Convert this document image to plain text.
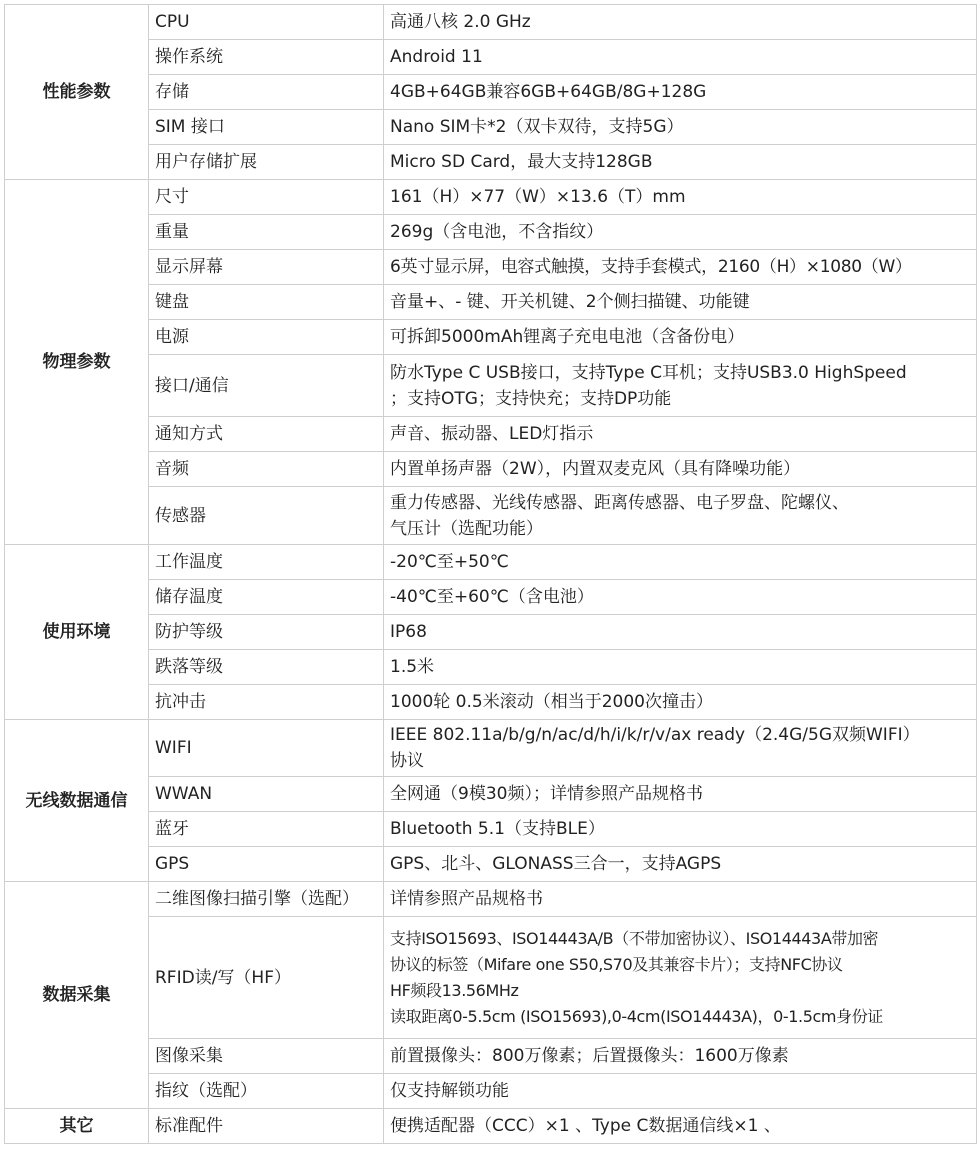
性能参数	CPU	高通八核 2.0 GHz
	操作系统	Android 11
	存储	4GB+64GB兼容6GB+64GB/8G+128G
	SIM 接口	Nano SIM卡*2（双卡双待，支持5G）
	用户存储扩展	Micro SD Card，最大支持128GB
物理参数	尺寸	161（H）×77（W）×13.6（T）mm
	重量	269g（含电池，不含指纹）
	显示屏幕	6英寸显示屏，电容式触摸，支持手套模式，2160（H）×1080（W）
	键盘	音量+、- 键、开关机键、2个侧扫描键、功能键
	电源	可拆卸5000mAh锂离子充电电池（含备份电）
	接口/通信	防水Type C USB接口，支持Type C耳机；支持USB3.0 HighSpeed
；支持OTG；支持快充；支持DP功能
	通知方式	声音、振动器、LED灯指示
	音频	内置单扬声器（2W），内置双麦克风（具有降噪功能）
	传感器	重力传感器、光线传感器、距离传感器、电子罗盘、陀螺仪、
气压计（选配功能）
使用环境	工作温度	-20℃至+50℃
	储存温度	-40℃至+60℃（含电池）
	防护等级	IP68
	跌落等级	1.5米
	抗冲击	1000轮 0.5米滚动（相当于2000次撞击）
无线数据通信	WIFI	IEEE 802.11a/b/g/n/ac/d/h/i/k/r/v/ax ready（2.4G/5G双频WIFI）
协议
	WWAN	全网通（9模30频）；详情参照产品规格书
	蓝牙	Bluetooth 5.1（支持BLE）
	GPS	GPS、北斗、GLONASS三合一，支持AGPS
数据采集	二维图像扫描引擎（选配）	详情参照产品规格书
	RFID读/写（HF）	支持ISO15693、ISO14443A/B（不带加密协议）、ISO14443A带加密
协议的标签（Mifare one S50,S70及其兼容卡片）；支持NFC协议
HF频段13.56MHz
读取距离0-5.5cm (ISO15693),0-4cm(ISO14443A)，0-1.5cm身份证
	图像采集	前置摄像头：800万像素；后置摄像头：1600万像素
	指纹（选配）	仅支持解锁功能
其它	标准配件	便携适配器（CCC）×1 、Type C数据通信线×1 、
